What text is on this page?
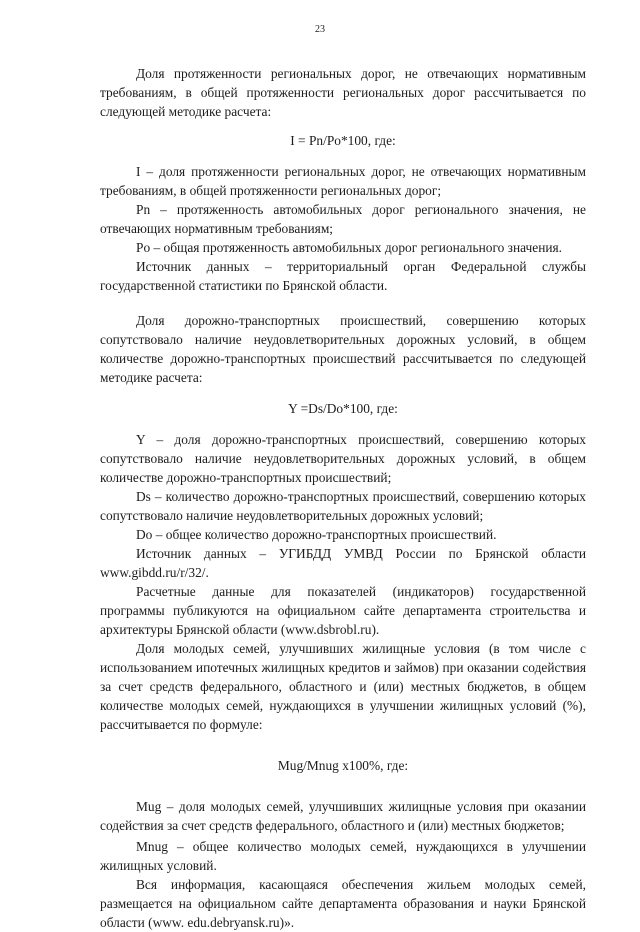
23

Доля протяженности региональных дорог, не отвечающих нормативным требованиям, в общей протяженности региональных дорог рассчитывается по следующей методике расчета:

I = Pn/Po*100, где:

I – доля протяженности региональных дорог, не отвечающих нормативным требованиям, в общей протяженности региональных дорог;

Pn – протяженность автомобильных дорог регионального значения, не отвечающих нормативным требованиям;

Po – общая протяженность автомобильных дорог регионального значения.

Источник данных – территориальный орган Федеральной службы государственной статистики по Брянской области.

Доля дорожно-транспортных происшествий, совершению которых сопутствовало наличие неудовлетворительных дорожных условий, в общем количестве дорожно-транспортных происшествий рассчитывается по следующей методике расчета:

Y =Ds/Do*100, где:

Y – доля дорожно-транспортных происшествий, совершению которых сопутствовало наличие неудовлетворительных дорожных условий, в общем количестве дорожно-транспортных происшествий;

Ds – количество дорожно-транспортных происшествий, совершению которых сопутствовало наличие неудовлетворительных дорожных условий;

Do – общее количество дорожно-транспортных происшествий.

Источник данных – УГИБДД УМВД России по Брянской области www.gibdd.ru/r/32/.

Расчетные данные для показателей (индикаторов) государственной программы публикуются на официальном сайте департамента строительства и архитектуры Брянской области (www.dsbrobl.ru).

Доля молодых семей, улучшивших жилищные условия (в том числе с использованием ипотечных жилищных кредитов и займов) при оказании содействия за счет средств федерального, областного и (или) местных бюджетов, в общем количестве молодых семей, нуждающихся в улучшении жилищных условий (%), рассчитывается по формуле:

Mug/Mnug x100%, где:

Mug – доля молодых семей, улучшивших жилищные условия при оказании содействия за счет средств федерального, областного и (или) местных бюджетов;

Mnug – общее количество молодых семей, нуждающихся в улучшении жилищных условий.

Вся информация, касающаяся обеспечения жильем молодых семей, размещается на официальном сайте департамента образования и науки Брянской области (www. edu.debryansk.ru)».
